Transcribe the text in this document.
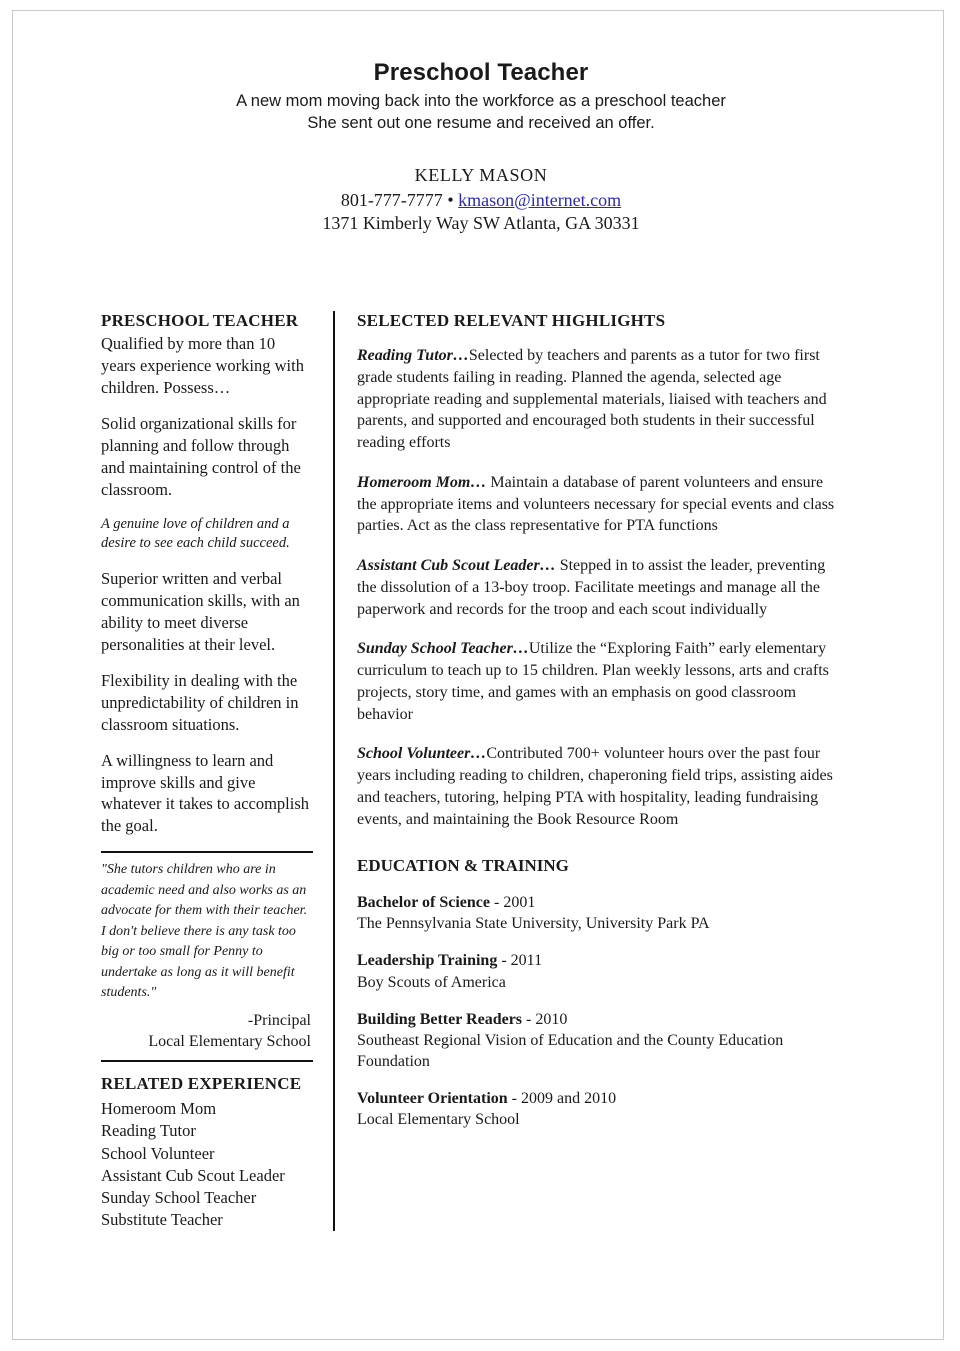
Preschool Teacher

A new mom moving back into the workforce as a preschool teacher

She sent out one resume and received an offer.

KELLY MASON

801-777-7777 • kmason@internet.com

1371 Kimberly Way SW Atlanta, GA 30331

PRESCHOOL TEACHER

Qualified by more than 10 years experience working with children. Possess…

Solid organizational skills for planning and follow through and maintaining control of the classroom.

A genuine love of children and a desire to see each child succeed.

Superior written and verbal communication skills, with an ability to meet diverse personalities at their level.

Flexibility in dealing with the unpredictability of children in classroom situations.

A willingness to learn and improve skills and give whatever it takes to accomplish the goal.

"She tutors children who are in academic need and also works as an advocate for them with their teacher. I don't believe there is any task too big or too small for Penny to undertake as long as it will benefit students."

-Principal
Local Elementary School

RELATED EXPERIENCE
Homeroom Mom
Reading Tutor
School Volunteer
Assistant Cub Scout Leader
Sunday School Teacher
Substitute Teacher
SELECTED RELEVANT HIGHLIGHTS

Reading Tutor…Selected by teachers and parents as a tutor for two first grade students failing in reading. Planned the agenda, selected age appropriate reading and supplemental materials, liaised with teachers and parents, and supported and encouraged both students in their successful reading efforts

Homeroom Mom… Maintain a database of parent volunteers and ensure the appropriate items and volunteers necessary for special events and class parties. Act as the class representative for PTA functions

Assistant Cub Scout Leader… Stepped in to assist the leader, preventing the dissolution of a 13-boy troop. Facilitate meetings and manage all the paperwork and records for the troop and each scout individually

Sunday School Teacher…Utilize the “Exploring Faith” early elementary curriculum to teach up to 15 children. Plan weekly lessons, arts and crafts projects, story time, and games with an emphasis on good classroom behavior

School Volunteer…Contributed 700+ volunteer hours over the past four years including reading to children, chaperoning field trips, assisting aides and teachers, tutoring, helping PTA with hospitality, leading fundraising events, and maintaining the Book Resource Room

EDUCATION & TRAINING
Bachelor of Science - 2001
The Pennsylvania State University, University Park PA
Leadership Training - 2011
Boy Scouts of America
Building Better Readers - 2010
Southeast Regional Vision of Education and the County Education Foundation
Volunteer Orientation - 2009 and 2010
Local Elementary School
